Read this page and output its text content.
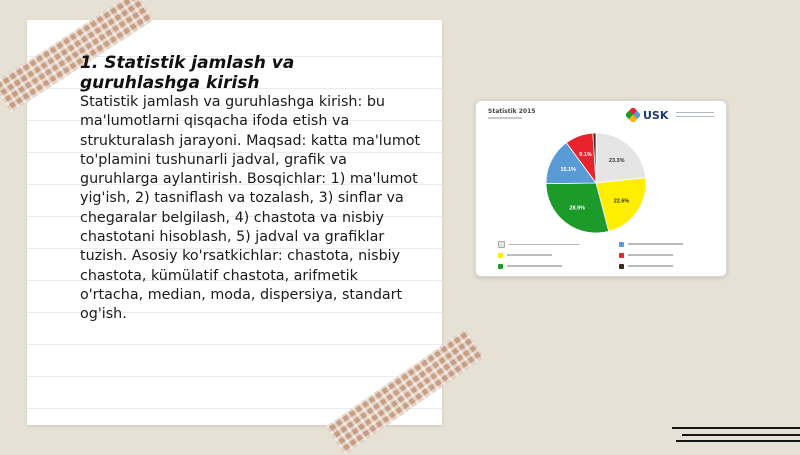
1. Statistik jamlash va guruhlashga kirish

Statistik jamlash va guruhlashga kirish: bu ma'lumotlarni qisqacha ifoda etish va strukturalash jarayoni. Maqsad: katta ma'lumot to'plamini tushunarli jadval, grafik va guruhlarga aylantirish. Bosqichlar: 1) ma'lumot yig'ish, 2) tasniflash va tozalash, 3) sinflar va chegaralar belgilash, 4) chastota va nisbiy chastotani hisoblash, 5) jadval va grafiklar tuzish. Asosiy ko'rsatkichlar: chastota, nisbiy chastota, kümülatif chastota, arifmetik o'rtacha, median, moda, dispersiya, standart og'ish.

Statistik 2015	USK
23.3%
22.6%
28.9%
15.1%
9.1%
